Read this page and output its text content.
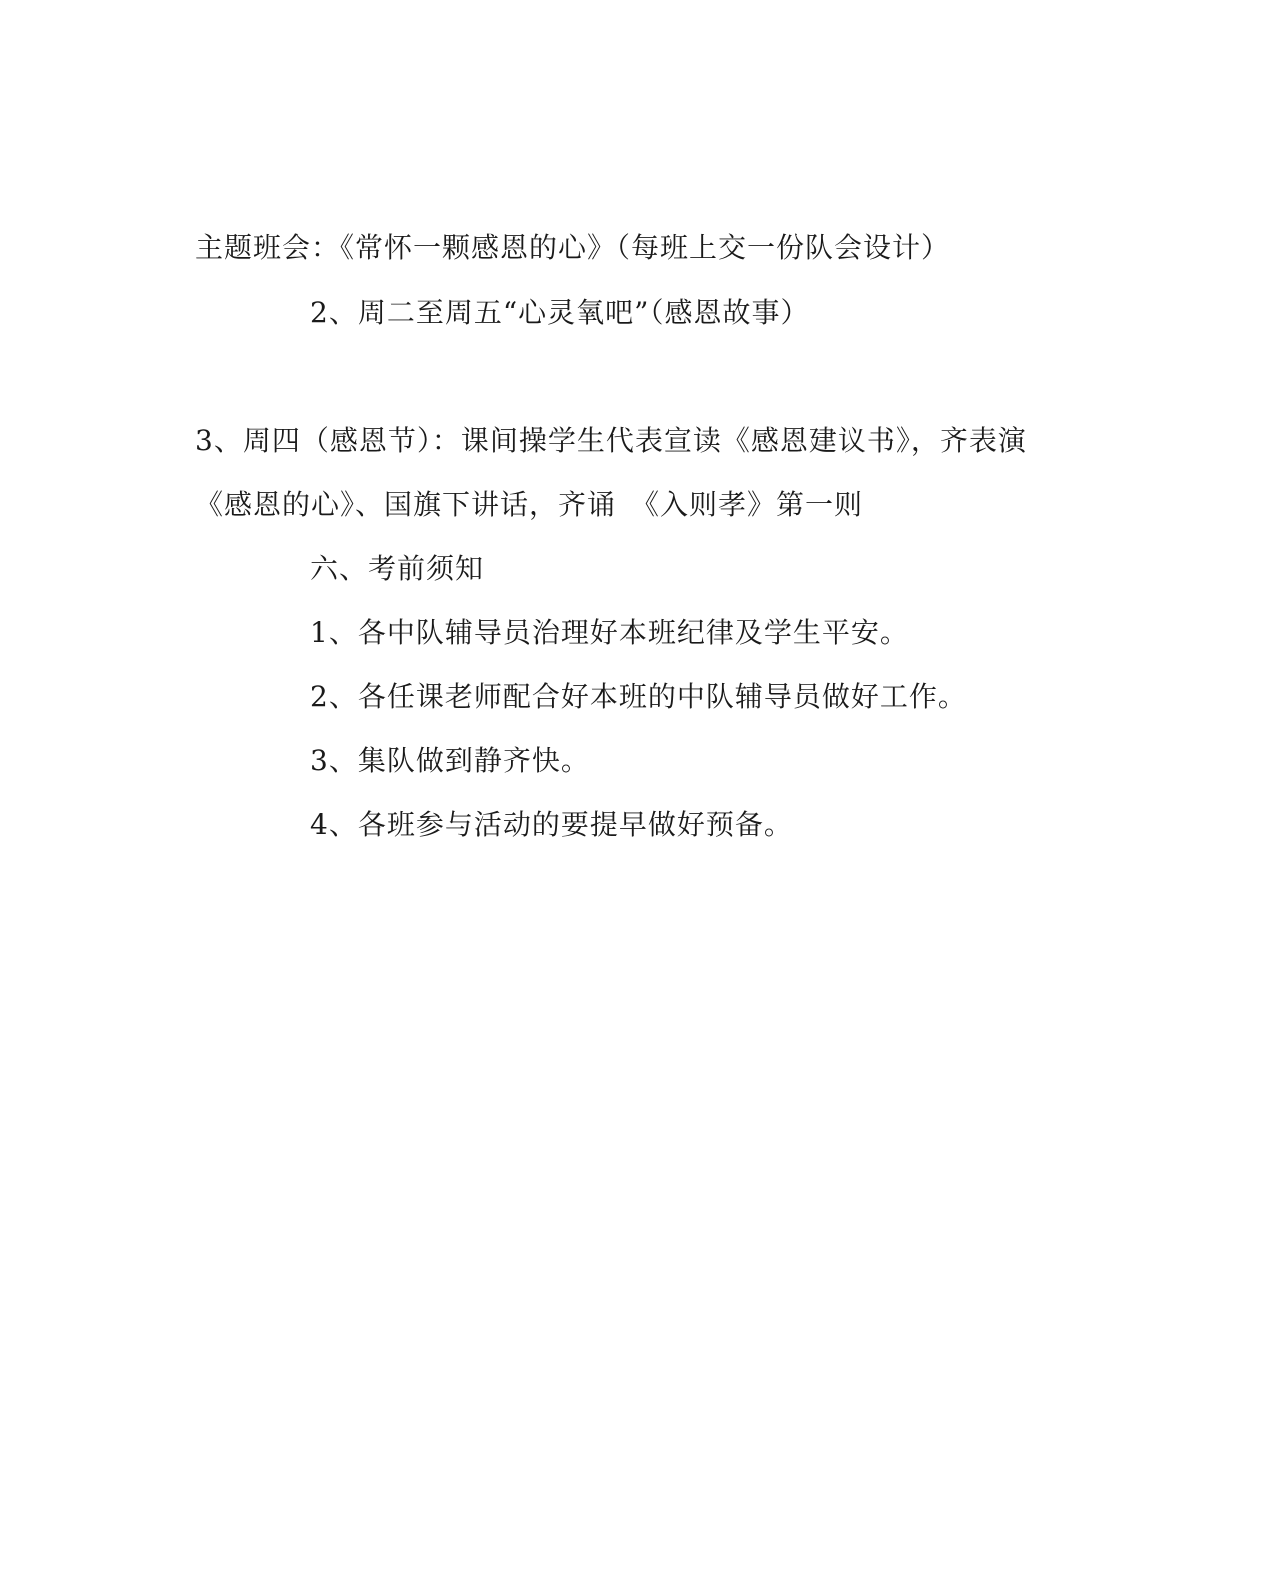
主题班会：《常怀一颗感恩的心》（每班上交一份队会设计）
2、周二至周五“心灵氧吧”（感恩故事）
3、周四（感恩节）：课间操学生代表宣读《感恩建议书》，齐表演
《感恩的心》、国旗下讲话，齐诵　《入则孝》第一则
六、考前须知
1、各中队辅导员治理好本班纪律及学生平安。
2、各任课老师配合好本班的中队辅导员做好工作。
3、集队做到静齐快。
4、各班参与活动的要提早做好预备。
